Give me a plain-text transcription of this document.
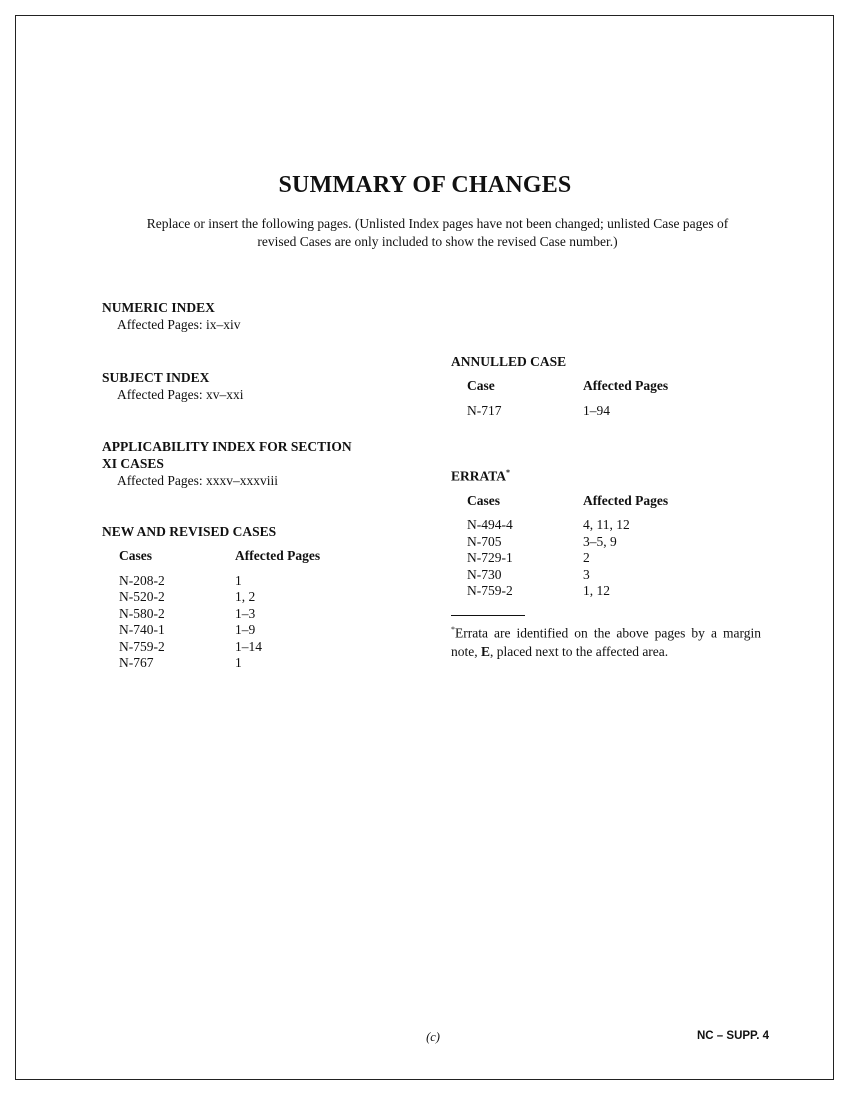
SUMMARY OF CHANGES
Replace or insert the following pages. (Unlisted Index pages have not been changed; unlisted Case pages of revised Cases are only included to show the revised Case number.)
NUMERIC INDEX
Affected Pages: ix–xiv
SUBJECT INDEX
Affected Pages: xv–xxi
APPLICABILITY INDEX FOR SECTION
XI CASES
Affected Pages: xxxv–xxxviii
NEW AND REVISED CASES
Cases	Affected Pages
N-208-2	1
N-520-2	1, 2
N-580-2	1–3
N-740-1	1–9
N-759-2	1–14
N-767	1
ANNULLED CASE
Case	Affected Pages
N-717	1–94
ERRATA*
Cases	Affected Pages
N-494-4	4, 11, 12
N-705	3–5, 9
N-729-1	2
N-730	3
N-759-2	1, 12
*Errata are identified on the above pages by a margin note, E, placed next to the affected area.
(c)	NC – SUPP. 4
